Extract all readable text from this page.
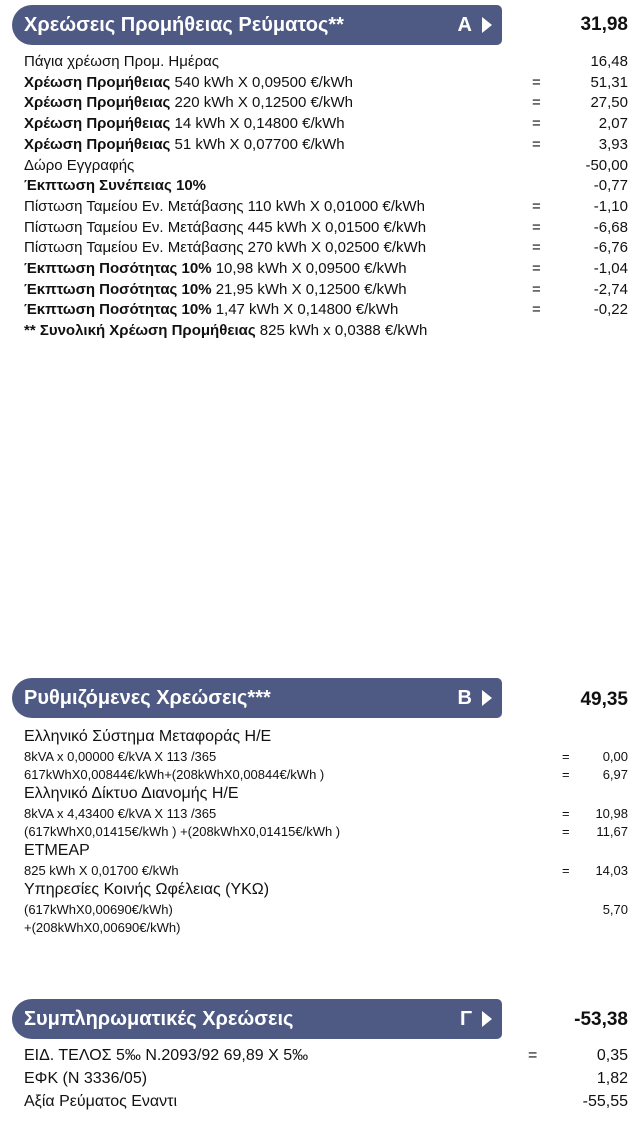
Χρεώσεις Προμήθειας Ρεύματος**	Α	31,98
Πάγια χρέωση Προμ. Ημέρας	16,48
Χρέωση Προμήθειας 540 kWh X 0,09500 €/kWh	=	51,31
Χρέωση Προμήθειας 220 kWh X 0,12500 €/kWh	=	27,50
Χρέωση Προμήθειας 14 kWh X 0,14800 €/kWh	=	2,07
Χρέωση Προμήθειας 51 kWh X 0,07700 €/kWh	=	3,93
Δώρο Εγγραφής	-50,00
Έκπτωση Συνέπειας 10%	-0,77
Πίστωση Ταμείου Εν. Μετάβασης 110 kWh X 0,01000 €/kWh	=	-1,10
Πίστωση Ταμείου Εν. Μετάβασης 445 kWh X 0,01500 €/kWh	=	-6,68
Πίστωση Ταμείου Εν. Μετάβασης 270 kWh X 0,02500 €/kWh	=	-6,76
Έκπτωση Ποσότητας 10% 10,98 kWh X 0,09500 €/kWh	=	-1,04
Έκπτωση Ποσότητας 10% 21,95 kWh X 0,12500 €/kWh	=	-2,74
Έκπτωση Ποσότητας 10% 1,47 kWh X 0,14800 €/kWh	=	-0,22
** Συνολική Χρέωση Προμήθειας 825 kWh x 0,0388 €/kWh
Ρυθμιζόμενες Χρεώσεις***	Β	49,35
Ελληνικό Σύστημα Μεταφοράς Η/Ε
8kVA x 0,00000 €/kVA X 113 /365	=	0,00
617kWhX0,00844€/kWh+(208kWhX0,00844€/kWh )	=	6,97
Ελληνικό Δίκτυο Διανομής Η/Ε
8kVA x 4,43400 €/kVA X 113 /365	= 10,98
(617kWhX0,01415€/kWh ) +(208kWhX0,01415€/kWh )	= 11,67
ΕΤΜΕΑΡ
825 kWh X 0,01700 €/kWh	= 14,03
Υπηρεσίες Κοινής Ωφέλειας (ΥΚΩ)
(617kWhX0,00690€/kWh)	5,70
+(208kWhX0,00690€/kWh)
Συμπληρωματικές Χρεώσεις	Γ	-53,38
ΕΙΔ. ΤΕΛΟΣ 5‰ Ν.2093/92 69,89 X 5‰	=	0,35
ΕΦΚ (Ν 3336/05)	1,82
Αξία Ρεύματος Εναντι	-55,55
